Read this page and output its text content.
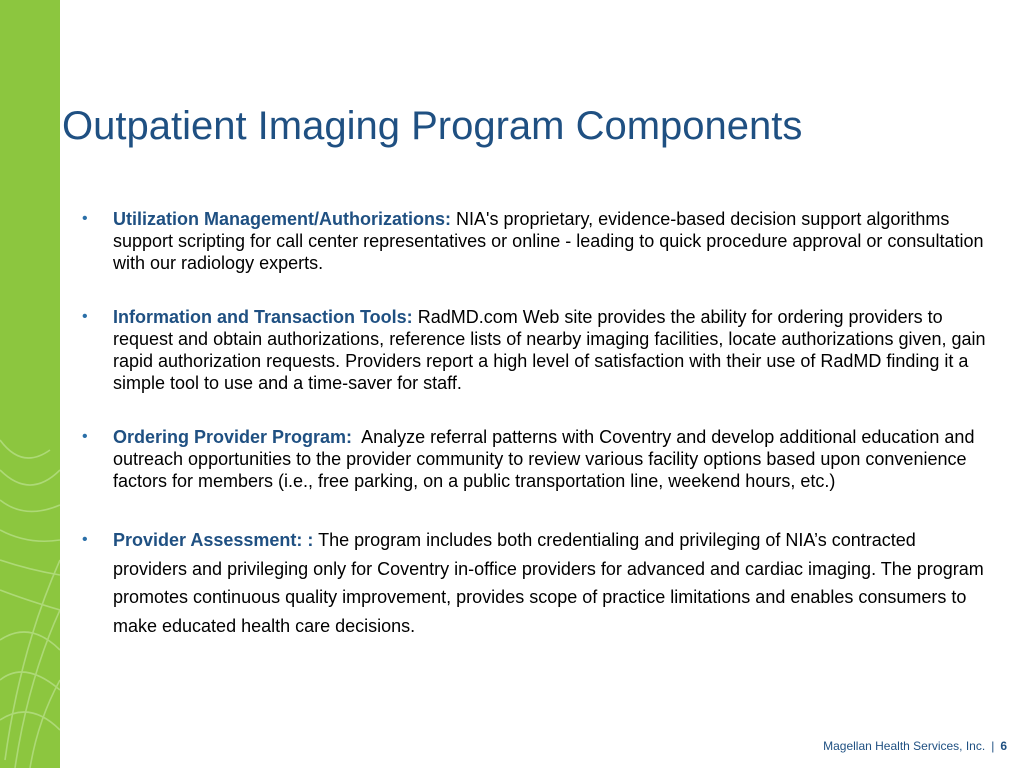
Outpatient Imaging Program Components
• Utilization Management/Authorizations: NIA's proprietary, evidence-based decision support algorithms support scripting for call center representatives or online - leading to quick procedure approval or consultation with our radiology experts.
• Information and Transaction Tools: RadMD.com Web site provides the ability for ordering providers to request and obtain authorizations, reference lists of nearby imaging facilities, locate authorizations given, gain rapid authorization requests. Providers report a high level of satisfaction with their use of RadMD finding it a simple tool to use and a time-saver for staff.
• Ordering Provider Program:  Analyze referral patterns with Coventry and develop additional education and outreach opportunities to the provider community to review various facility options based upon convenience factors for members (i.e., free parking, on a public transportation line, weekend hours, etc.)
• Provider Assessment: : The program includes both credentialing and privileging of NIA’s contracted providers and privileging only for Coventry in-office providers for advanced and cardiac imaging. The program promotes continuous quality improvement, provides scope of practice limitations and enables consumers to make educated health care decisions.
Magellan Health Services, Inc. | 6
